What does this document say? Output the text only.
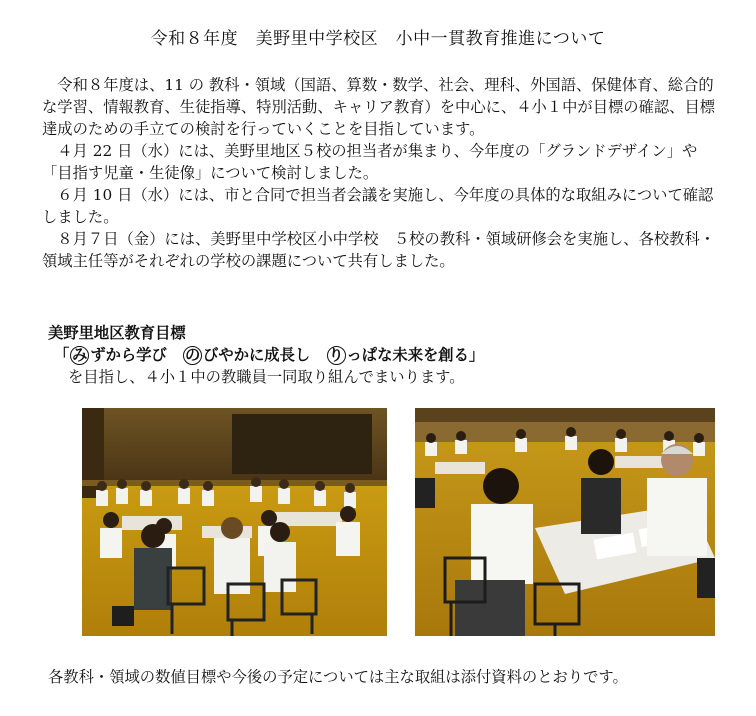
令和８年度　美野里中学校区　小中一貫教育推進について

令和８年度は、11 の 教科・領域（国語、算数・数学、社会、理科、外国語、保健体育、総合的な学習、情報教育、生徒指導、特別活動、キャリア教育）を中心に、４小１中が目標の確認、目標達成のための手立ての検討を行っていくことを目指しています。

４月 22 日（水）には、美野里地区５校の担当者が集まり、今年度の「グランドデザイン」や「目指す児童・生徒像」について検討しました。

６月 10 日（水）には、市と合同で担当者会議を実施し、今年度の具体的な取組みについて確認しました。

８月７日（金）には、美野里中学校区小中学校　５校の教科・領域研修会を実施し、各校教科・領域主任等がそれぞれの学校の課題について共有しました。

美野里地区教育目標
「 み ずから学び　の びやかに成長し　り っぱな未来を創る」
を目指し、４小１中の教職員一同取り組んでまいります。
各教科・領域の数値目標や今後の予定については主な取組は添付資料のとおりです。
